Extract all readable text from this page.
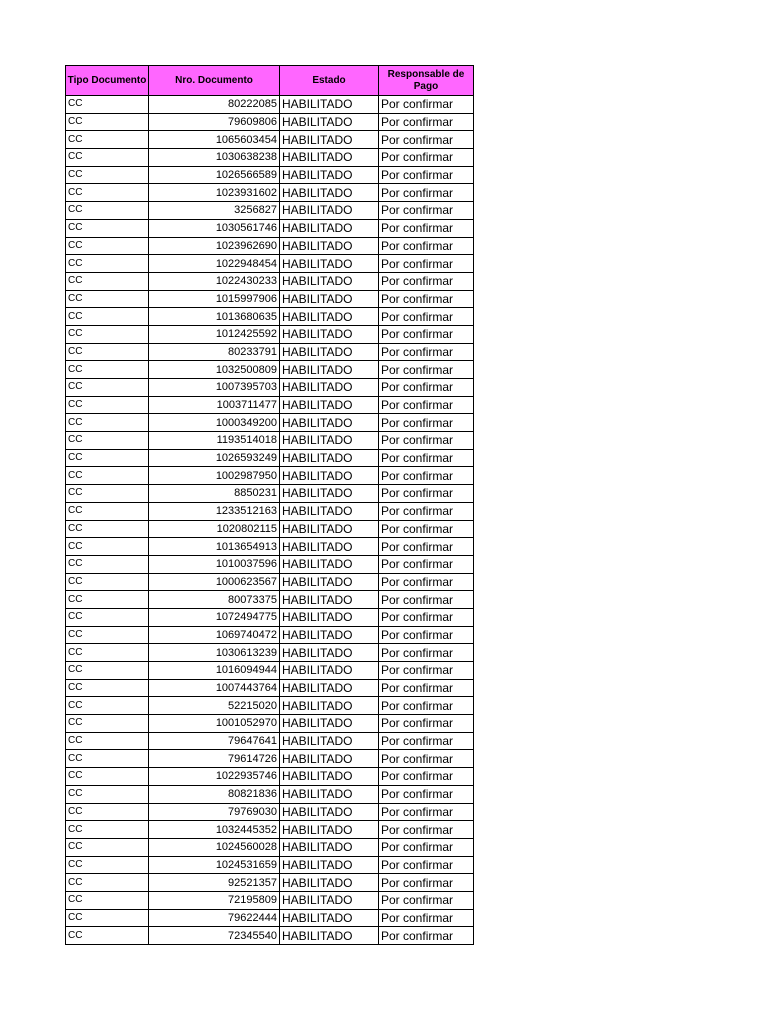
Tipo Documento	Nro. Documento	Estado	Responsable de Pago
CC	80222085	HABILITADO	Por confirmar
CC	79609806	HABILITADO	Por confirmar
CC	1065603454	HABILITADO	Por confirmar
CC	1030638238	HABILITADO	Por confirmar
CC	1026566589	HABILITADO	Por confirmar
CC	1023931602	HABILITADO	Por confirmar
CC	3256827	HABILITADO	Por confirmar
CC	1030561746	HABILITADO	Por confirmar
CC	1023962690	HABILITADO	Por confirmar
CC	1022948454	HABILITADO	Por confirmar
CC	1022430233	HABILITADO	Por confirmar
CC	1015997906	HABILITADO	Por confirmar
CC	1013680635	HABILITADO	Por confirmar
CC	1012425592	HABILITADO	Por confirmar
CC	80233791	HABILITADO	Por confirmar
CC	1032500809	HABILITADO	Por confirmar
CC	1007395703	HABILITADO	Por confirmar
CC	1003711477	HABILITADO	Por confirmar
CC	1000349200	HABILITADO	Por confirmar
CC	1193514018	HABILITADO	Por confirmar
CC	1026593249	HABILITADO	Por confirmar
CC	1002987950	HABILITADO	Por confirmar
CC	8850231	HABILITADO	Por confirmar
CC	1233512163	HABILITADO	Por confirmar
CC	1020802115	HABILITADO	Por confirmar
CC	1013654913	HABILITADO	Por confirmar
CC	1010037596	HABILITADO	Por confirmar
CC	1000623567	HABILITADO	Por confirmar
CC	80073375	HABILITADO	Por confirmar
CC	1072494775	HABILITADO	Por confirmar
CC	1069740472	HABILITADO	Por confirmar
CC	1030613239	HABILITADO	Por confirmar
CC	1016094944	HABILITADO	Por confirmar
CC	1007443764	HABILITADO	Por confirmar
CC	52215020	HABILITADO	Por confirmar
CC	1001052970	HABILITADO	Por confirmar
CC	79647641	HABILITADO	Por confirmar
CC	79614726	HABILITADO	Por confirmar
CC	1022935746	HABILITADO	Por confirmar
CC	80821836	HABILITADO	Por confirmar
CC	79769030	HABILITADO	Por confirmar
CC	1032445352	HABILITADO	Por confirmar
CC	1024560028	HABILITADO	Por confirmar
CC	1024531659	HABILITADO	Por confirmar
CC	92521357	HABILITADO	Por confirmar
CC	72195809	HABILITADO	Por confirmar
CC	79622444	HABILITADO	Por confirmar
CC	72345540	HABILITADO	Por confirmar
